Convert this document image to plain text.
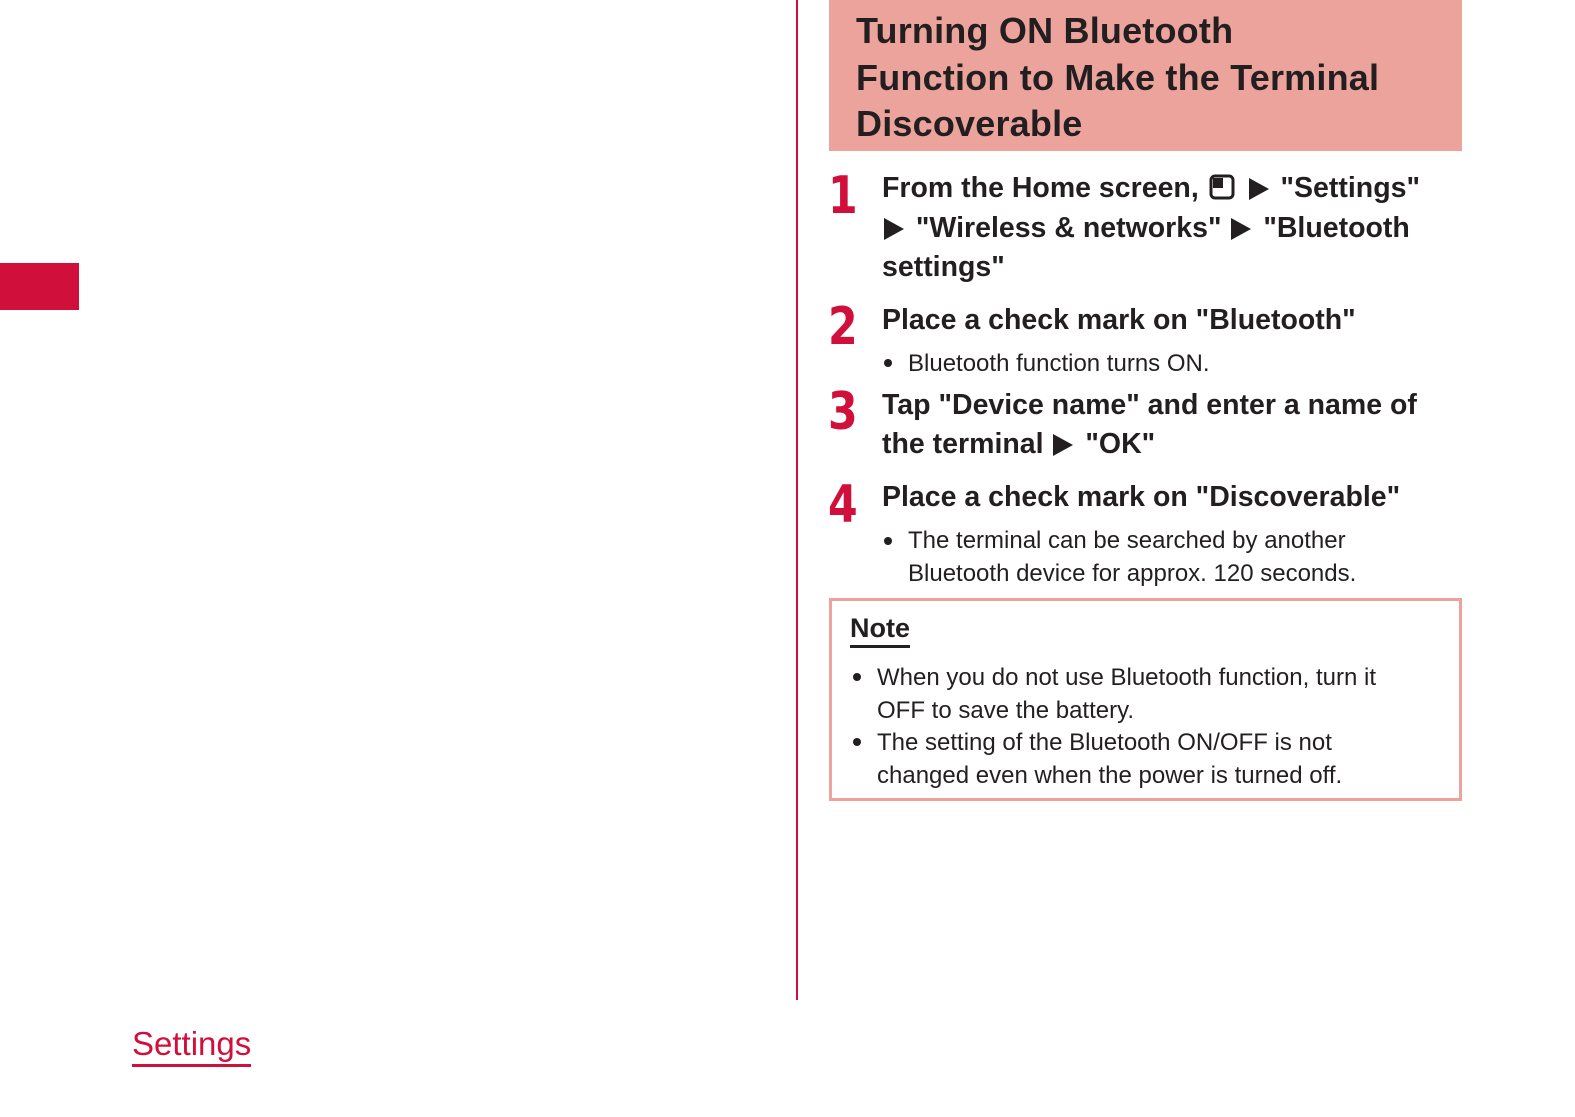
Settings
Turning ON Bluetooth
Function to Make the Terminal
Discoverable
1 From the Home screen,	"Settings"
"Wireless & networks" "Bluetooth
settings"
2 Place a check mark on "Bluetooth"
Bluetooth function turns ON.
3 Tap "Device name" and enter a name of
the terminal "OK"
4 Place a check mark on "Discoverable"
The terminal can be searched by another
Bluetooth device for approx. 120 seconds.
Note
When you do not use Bluetooth function, turn it
OFF to save the battery.
The setting of the Bluetooth ON/OFF is not
changed even when the power is turned off.
